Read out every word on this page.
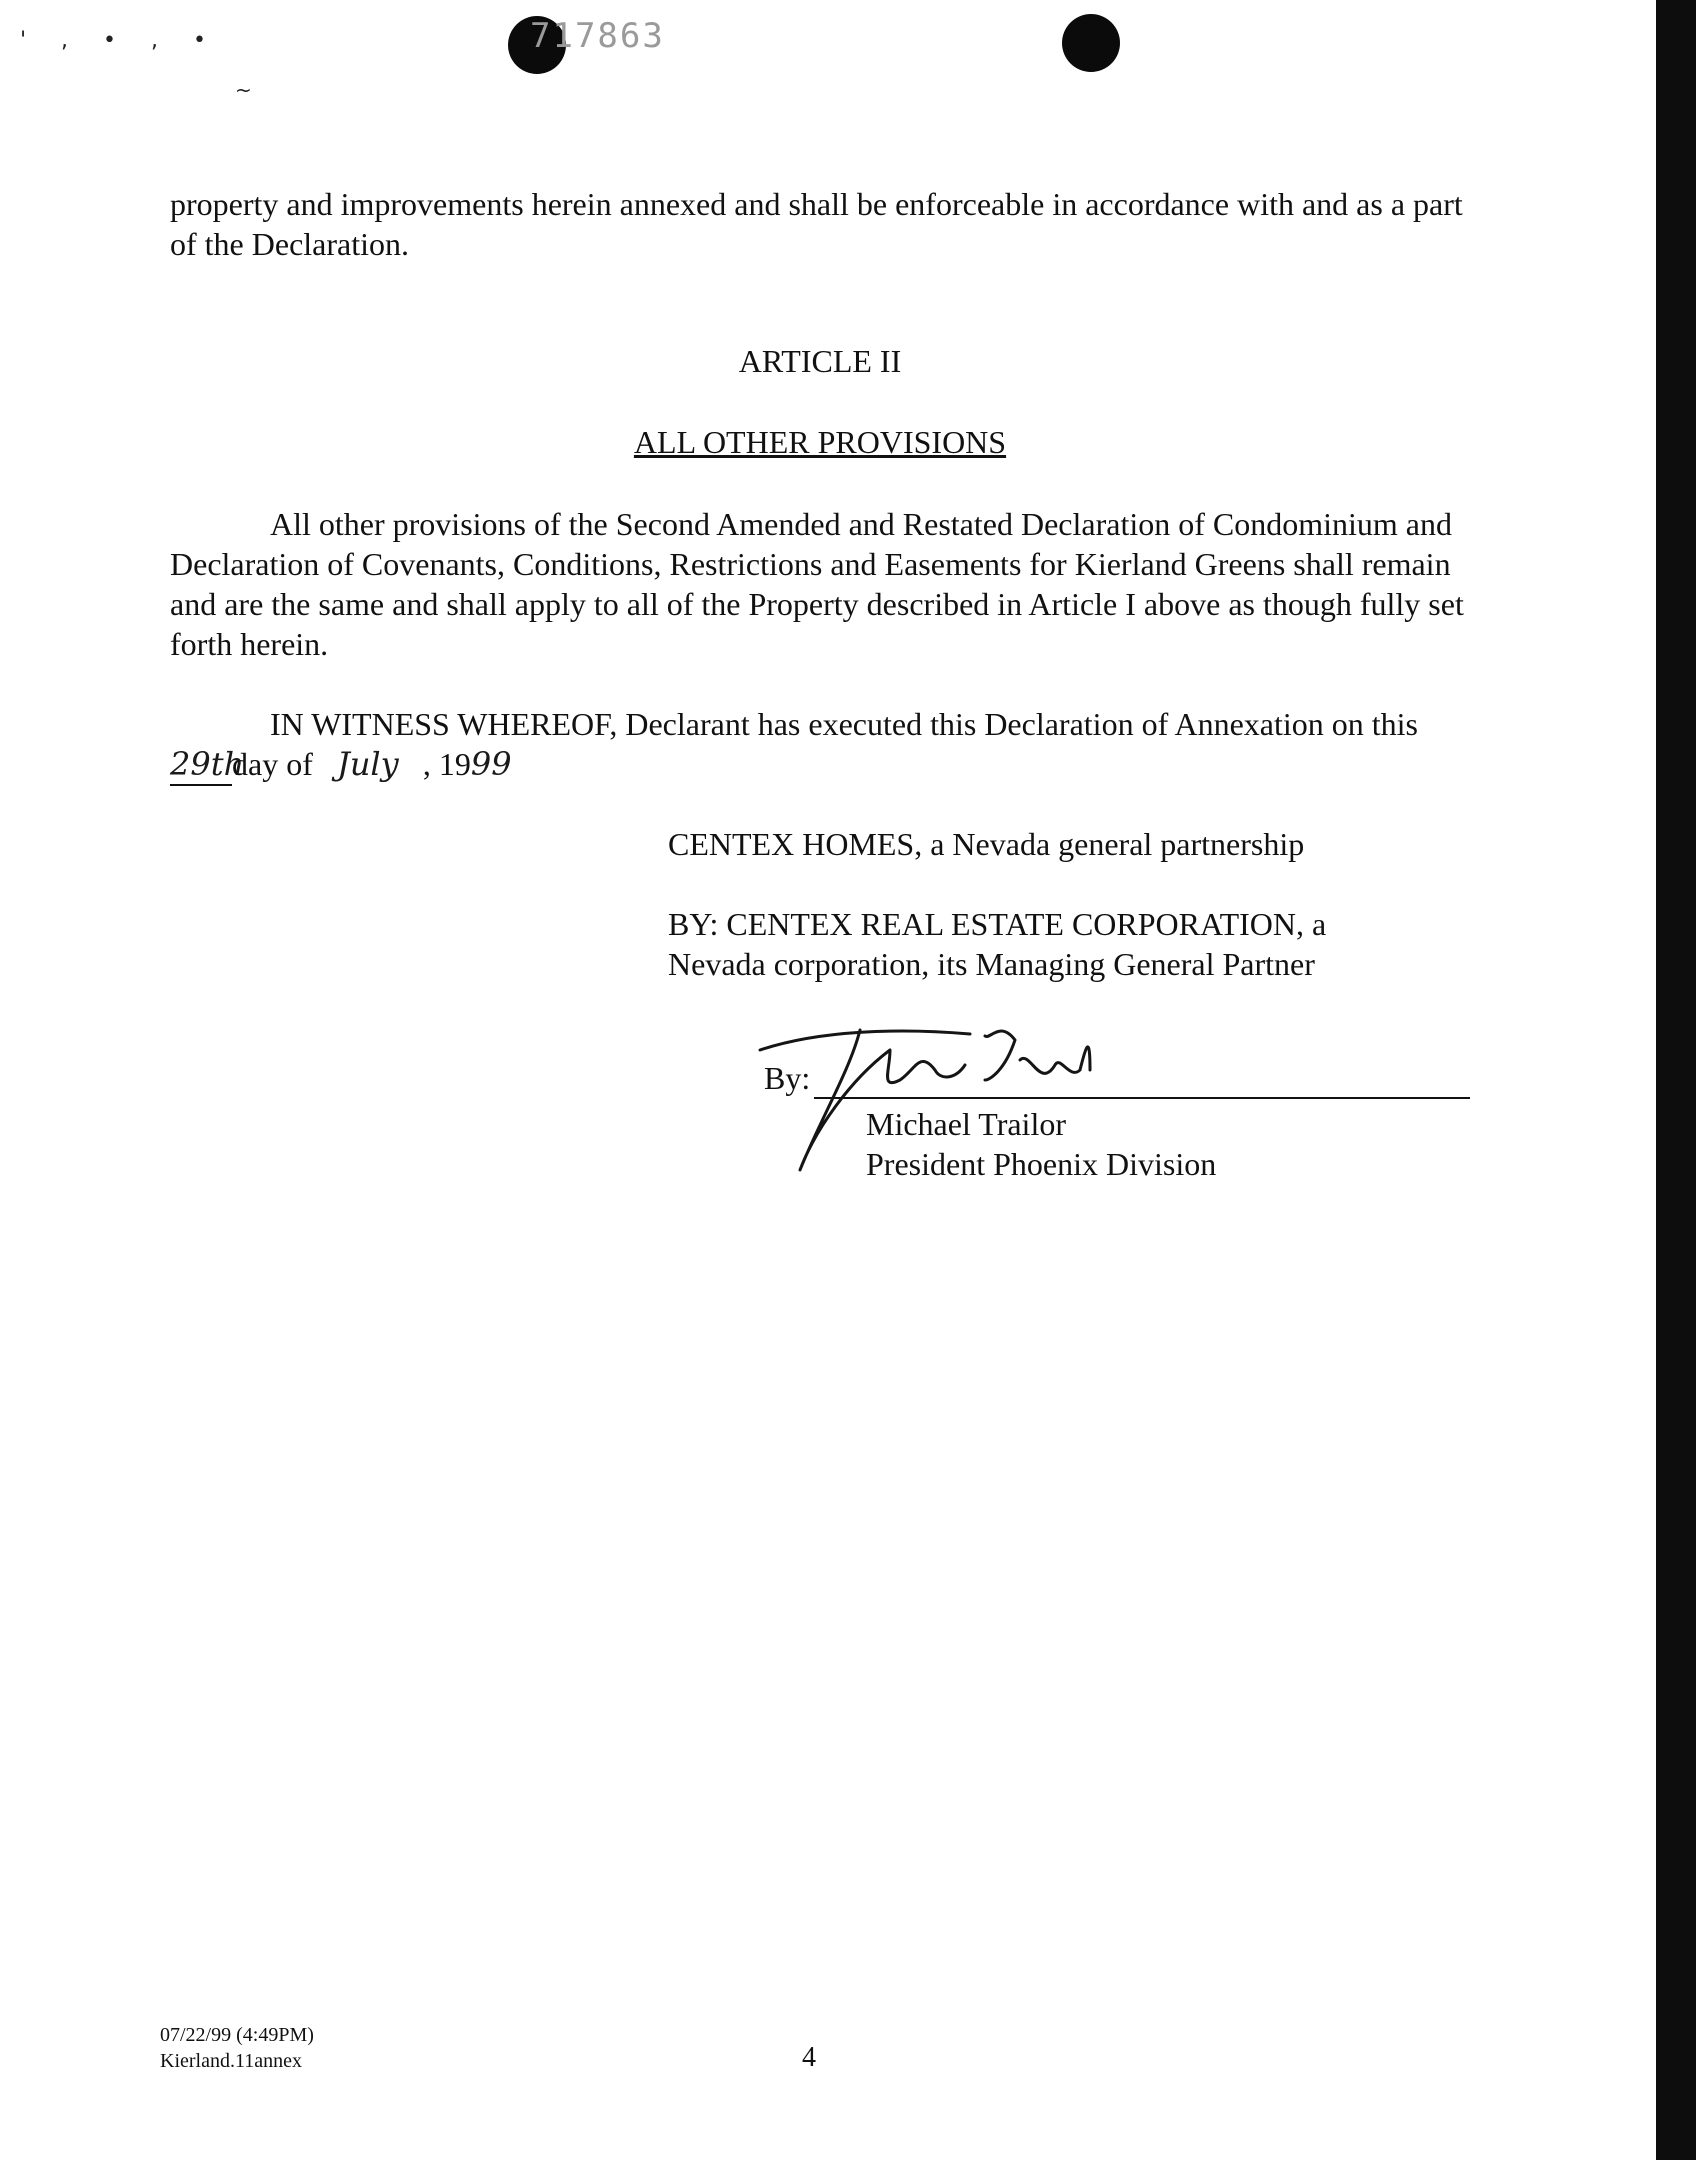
' , • , •
~
717863

property and improvements herein annexed and shall be enforceable in accordance with and as a part of the Declaration.

ARTICLE II

ALL OTHER PROVISIONS

All other provisions of the Second Amended and Restated Declaration of Condominium and Declaration of Covenants, Conditions, Restrictions and Easements for Kierland Greens shall remain and are the same and shall apply to all of the Property described in Article I above as though fully set forth herein.

IN WITNESS WHEREOF, Declarant has executed this Declaration of Annexation on this
29thday of July , 1999

CENTEX HOMES, a Nevada general partnership

BY: CENTEX REAL ESTATE CORPORATION, a Nevada corporation, its Managing General Partner

By:

Michael Trailor

President Phoenix Division

07/22/99 (4:49PM)
Kierland.11annex	4
